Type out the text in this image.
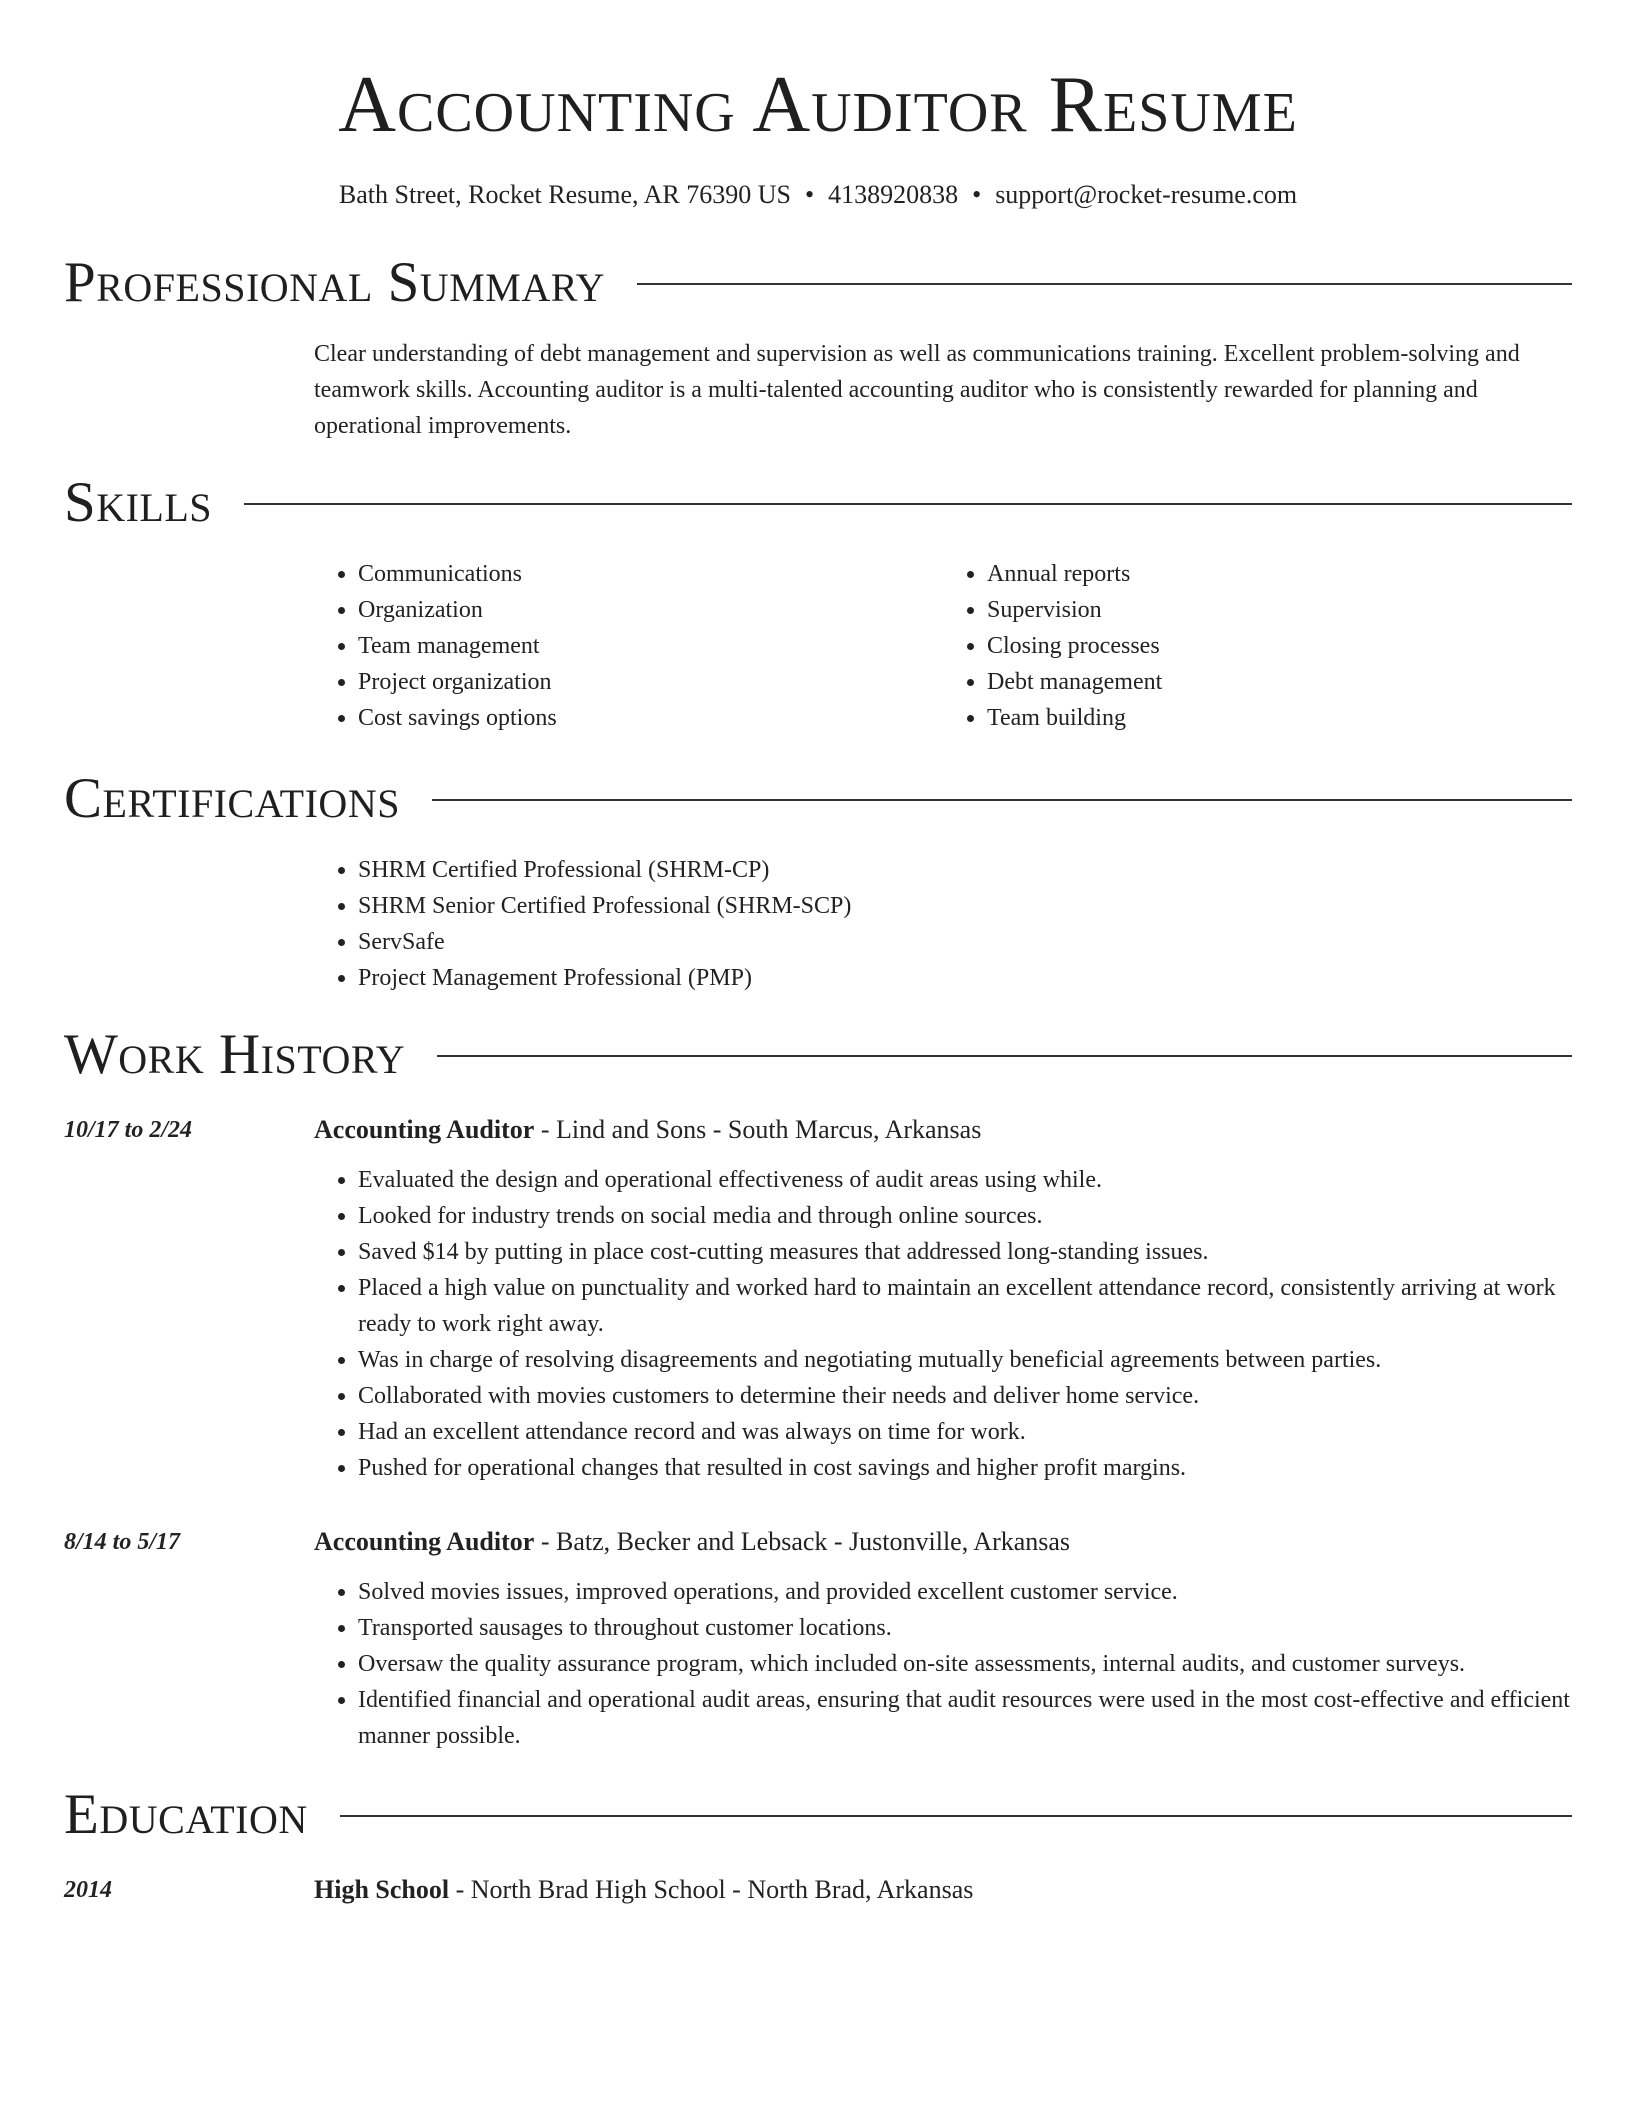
Accounting Auditor Resume
Bath Street, Rocket Resume, AR 76390 US • 4138920838 • support@rocket-resume.com
Professional Summary
Clear understanding of debt management and supervision as well as communications training. Excellent problem-solving and teamwork skills. Accounting auditor is a multi-talented accounting auditor who is consistently rewarded for planning and operational improvements.
Skills
• Communications
• Organization
• Team management
• Project organization
• Cost savings options
• Annual reports
• Supervision
• Closing processes
• Debt management
• Team building
Certifications
• SHRM Certified Professional (SHRM-CP)
• SHRM Senior Certified Professional (SHRM-SCP)
• ServSafe
• Project Management Professional (PMP)
Work History
10/17 to 2/24	Accounting Auditor - Lind and Sons - South Marcus, Arkansas
• Evaluated the design and operational effectiveness of audit areas using while.
• Looked for industry trends on social media and through online sources.
• Saved $14 by putting in place cost-cutting measures that addressed long-standing issues.
• Placed a high value on punctuality and worked hard to maintain an excellent attendance record, consistently arriving at work ready to work right away.
• Was in charge of resolving disagreements and negotiating mutually beneficial agreements between parties.
• Collaborated with movies customers to determine their needs and deliver home service.
• Had an excellent attendance record and was always on time for work.
• Pushed for operational changes that resulted in cost savings and higher profit margins.
8/14 to 5/17	Accounting Auditor - Batz, Becker and Lebsack - Justonville, Arkansas
• Solved movies issues, improved operations, and provided excellent customer service.
• Transported sausages to throughout customer locations.
• Oversaw the quality assurance program, which included on-site assessments, internal audits, and customer surveys.
• Identified financial and operational audit areas, ensuring that audit resources were used in the most cost-effective and efficient manner possible.
Education
2014	High School - North Brad High School - North Brad, Arkansas
